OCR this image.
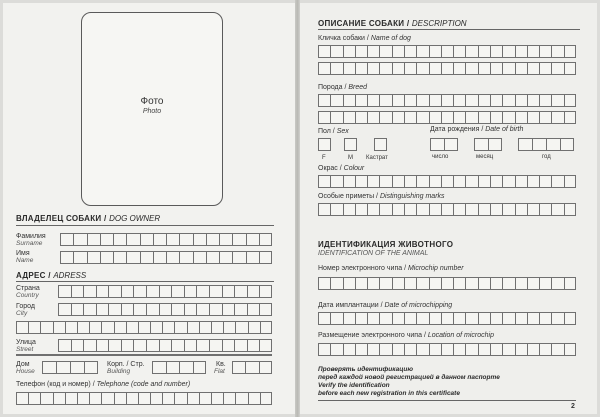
Фото
Photo
ВЛАДЕЛЕЦ СОБАКИ / DOG OWNER
Фамилия
Surname
Имя
Name
АДРЕС / ADRESS
Страна
Country
Город
City
Улица
Street
Дом
House
Корп. / Стр.
Building
Кв.
Flat
Телефон (код и номер) / Telephone (code and number)
ОПИСАНИЕ СОБАКИ / DESCRIPTION
Кличка собаки / Name of dog
Порода / Breed
Пол / Sex
F	M Кастрат
Дата рождения / Date of birth
число	месяц	год
Окрас / Colour
Особые приметы / Distinguishing marks
ИДЕНТИФИКАЦИЯ ЖИВОТНОГО
IDENTIFICATION OF THE ANIMAL
Номер электронного чипа / Microchip number
Дата имплантации / Date of microchipping
Размещение электронного чипа / Location of microchip
Проверять идентификацию
перед каждой новой регистрацией в данном паспорте
Verify the identification
before each new registration in this certificate
2
